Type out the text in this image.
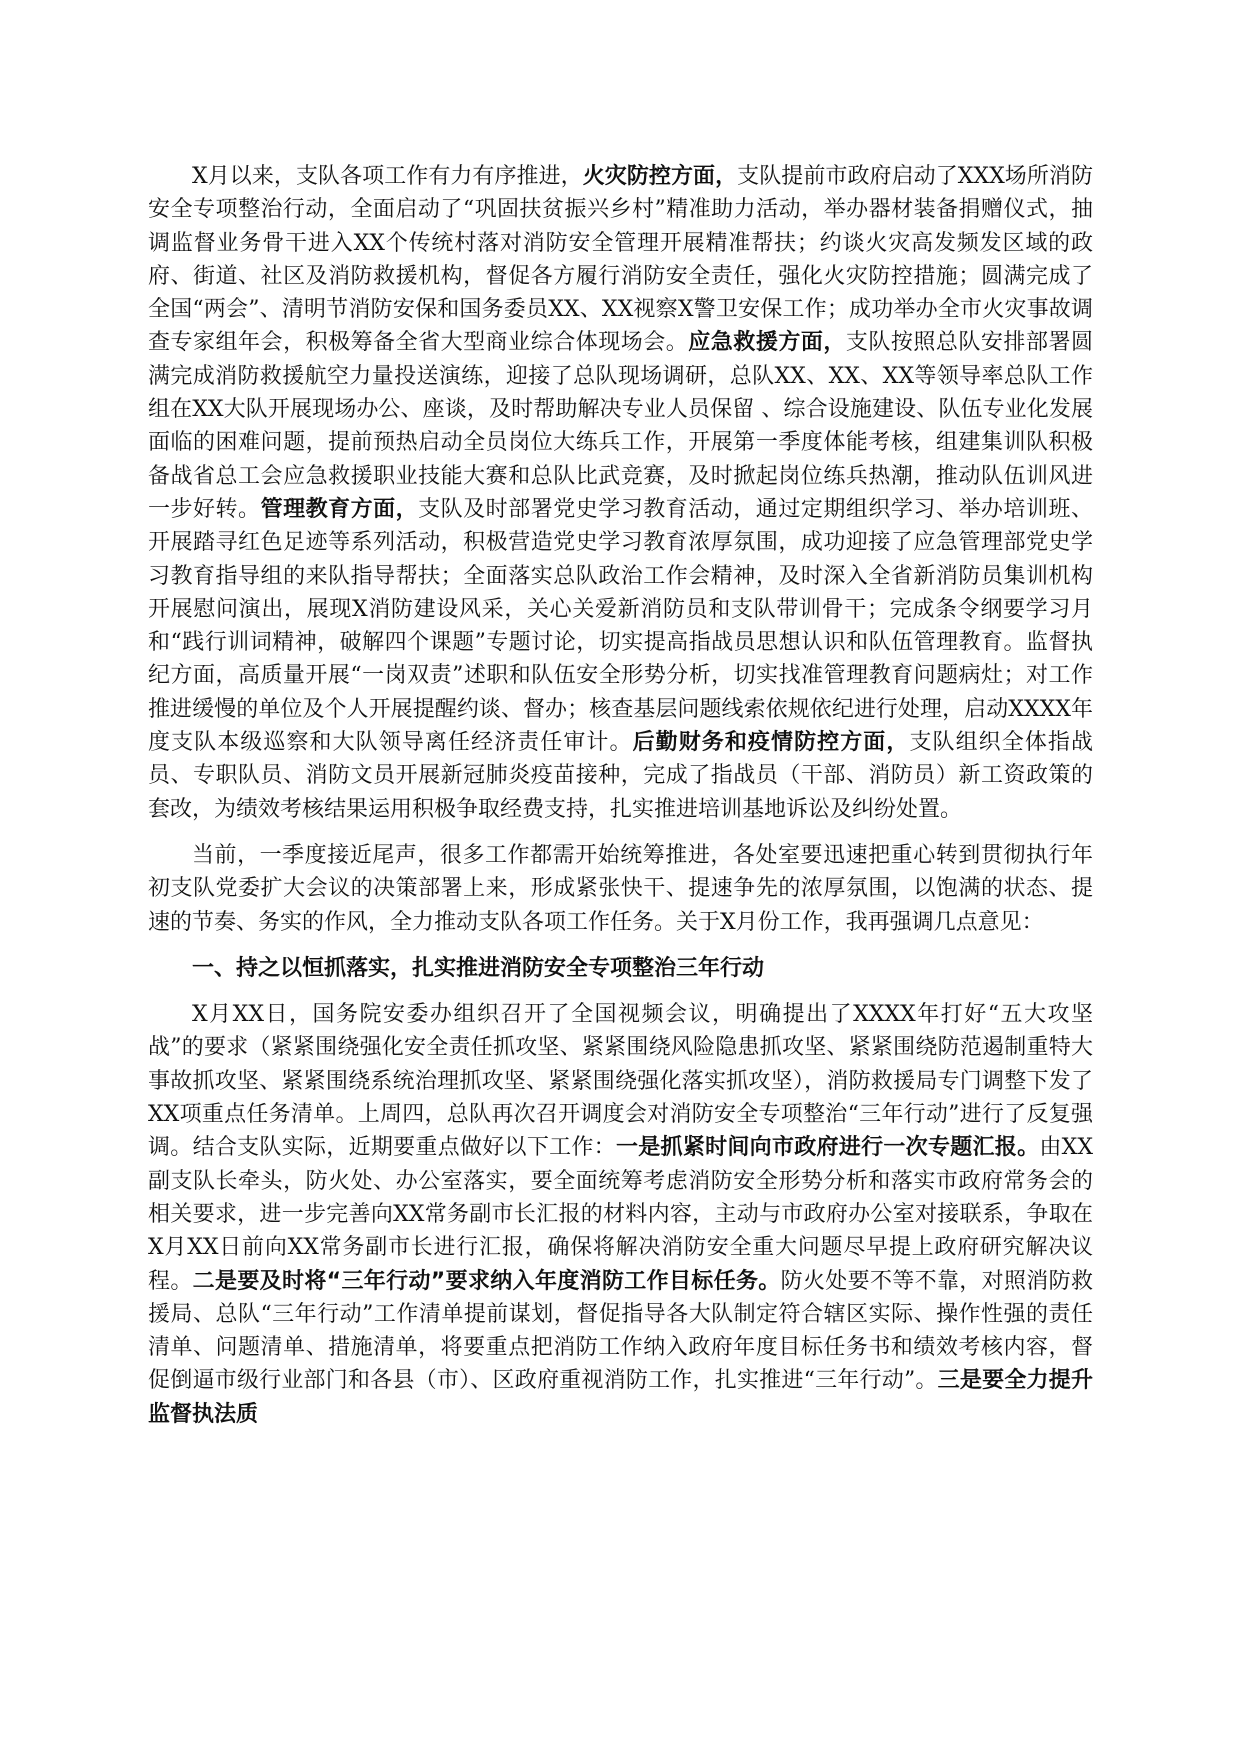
X月以来，支队各项工作有力有序推进，火灾防控方面，支队提前市政府启动了XXX场所消防安全专项整治行动，全面启动了“巩固扶贫振兴乡村”精准助力活动，举办器材装备捐赠仪式，抽调监督业务骨干进入XX个传统村落对消防安全管理开展精准帮扶；约谈火灾高发频发区域的政府、街道、社区及消防救援机构，督促各方履行消防安全责任，强化火灾防控措施；圆满完成了全国“两会”、清明节消防安保和国务委员XX、XX视察X警卫安保工作；成功举办全市火灾事故调查专家组年会，积极筹备全省大型商业综合体现场会。应急救援方面，支队按照总队安排部署圆满完成消防救援航空力量投送演练，迎接了总队现场调研，总队XX、XX、XX等领导率总队工作组在XX大队开展现场办公、座谈，及时帮助解决专业人员保留 、综合设施建设、队伍专业化发展面临的困难问题，提前预热启动全员岗位大练兵工作，开展第一季度体能考核，组建集训队积极备战省总工会应急救援职业技能大赛和总队比武竞赛，及时掀起岗位练兵热潮，推动队伍训风进一步好转。管理教育方面，支队及时部署党史学习教育活动，通过定期组织学习、举办培训班、开展踏寻红色足迹等系列活动，积极营造党史学习教育浓厚氛围，成功迎接了应急管理部党史学习教育指导组的来队指导帮扶；全面落实总队政治工作会精神，及时深入全省新消防员集训机构开展慰问演出，展现X消防建设风采，关心关爱新消防员和支队带训骨干；完成条令纲要学习月和“践行训词精神，破解四个课题”专题讨论，切实提高指战员思想认识和队伍管理教育。监督执纪方面，高质量开展“一岗双责”述职和队伍安全形势分析，切实找准管理教育问题病灶；对工作推进缓慢的单位及个人开展提醒约谈、督办；核查基层问题线索依规依纪进行处理，启动XXXX年度支队本级巡察和大队领导离任经济责任审计。后勤财务和疫情防控方面，支队组织全体指战员、专职队员、消防文员开展新冠肺炎疫苗接种，完成了指战员（干部、消防员）新工资政策的套改，为绩效考核结果运用积极争取经费支持，扎实推进培训基地诉讼及纠纷处置。

当前，一季度接近尾声，很多工作都需开始统筹推进，各处室要迅速把重心转到贯彻执行年初支队党委扩大会议的决策部署上来，形成紧张快干、提速争先的浓厚氛围，以饱满的状态、提速的节奏、务实的作风，全力推动支队各项工作任务。关于X月份工作，我再强调几点意见：

一、持之以恒抓落实，扎实推进消防安全专项整治三年行动

X月XX日，国务院安委办组织召开了全国视频会议，明确提出了XXXX年打好“五大攻坚战”的要求（紧紧围绕强化安全责任抓攻坚、紧紧围绕风险隐患抓攻坚、紧紧围绕防范遏制重特大事故抓攻坚、紧紧围绕系统治理抓攻坚、紧紧围绕强化落实抓攻坚），消防救援局专门调整下发了XX项重点任务清单。上周四，总队再次召开调度会对消防安全专项整治“三年行动”进行了反复强调。结合支队实际，近期要重点做好以下工作：一是抓紧时间向市政府进行一次专题汇报。由XX副支队长牵头，防火处、办公室落实，要全面统筹考虑消防安全形势分析和落实市政府常务会的相关要求，进一步完善向XX常务副市长汇报的材料内容，主动与市政府办公室对接联系，争取在X月XX日前向XX常务副市长进行汇报，确保将解决消防安全重大问题尽早提上政府研究解决议程。二是要及时将“三年行动”要求纳入年度消防工作目标任务。防火处要不等不靠，对照消防救援局、总队“三年行动”工作清单提前谋划，督促指导各大队制定符合辖区实际、操作性强的责任清单、问题清单、措施清单，将要重点把消防工作纳入政府年度目标任务书和绩效考核内容，督促倒逼市级行业部门和各县（市）、区政府重视消防工作，扎实推进“三年行动”。三是要全力提升监督执法质
